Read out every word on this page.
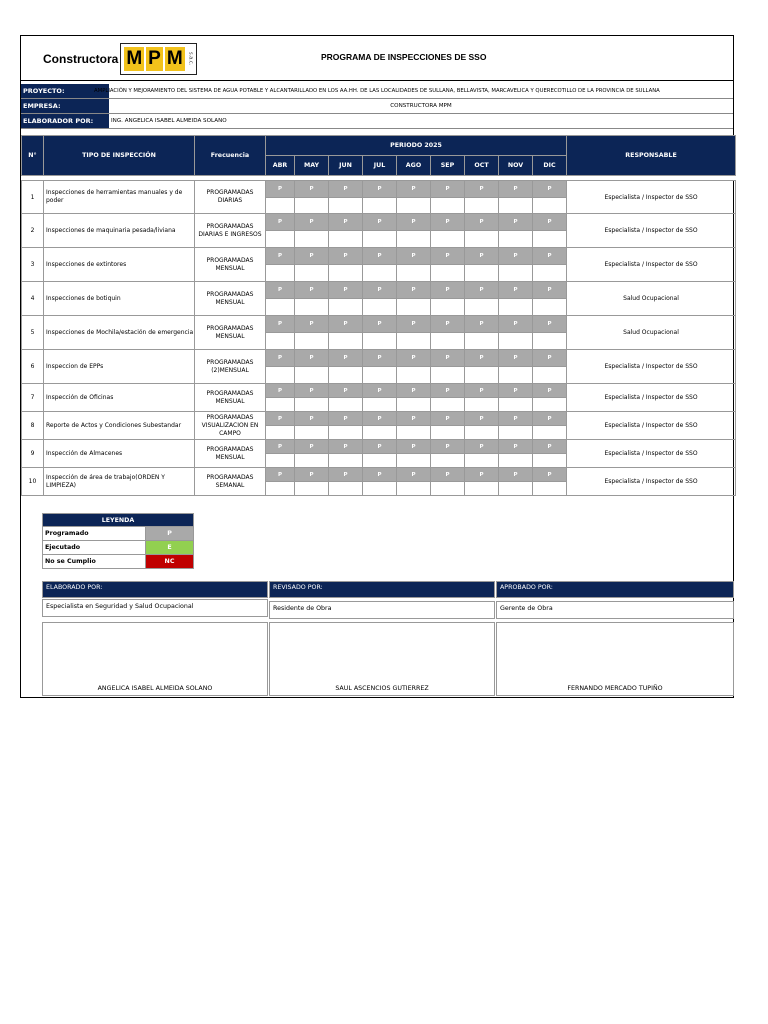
Constructora M P M	s.a.c.	PROGRAMA DE INSPECCIONES DE SSO
PROYECTO:	AMPLIACIÓN Y MEJORAMIENTO DEL SISTEMA DE AGUA POTABLE Y ALCANTARILLADO EN LOS AA.HH. DE LAS LOCALIDADES DE SULLANA, BELLAVISTA, MARCAVELICA Y QUERECOTILLO DE LA PROVINCIA DE SULLANA
EMPRESA:	CONSTRUCTORA MPM
ELABORADOR POR:	ING. ANGELICA ISABEL ALMEIDA SOLANO
N°	TIPO DE INSPECCIÓN	Frecuencia	PERIODO 2025									RESPONSABLE
			ABR	MAY	JUN	JUL	AGO	SEP	OCT	NOV	DIC	

1	Inspecciones de herramientas manuales y de poder	PROGRAMADAS DIARIAS	P	P	P	P	P	P	P	P	P	Especialista / Inspector de SSO

2	Inspecciones de maquinaria pesada/liviana	PROGRAMADAS DIARIAS E INGRESOS	P	P	P	P	P	P	P	P	P	Especialista / Inspector de SSO

3	Inspecciones de extintores	PROGRAMADAS MENSUAL	P	P	P	P	P	P	P	P	P	Especialista / Inspector de SSO

4	Inspecciones de botiquin	PROGRAMADAS MENSUAL	P	P	P	P	P	P	P	P	P	Salud Ocupacional

5	Inspecciones de Mochila/estación de emergencia	PROGRAMADAS MENSUAL	P	P	P	P	P	P	P	P	P	Salud Ocupacional

6	Inspeccion de EPPs	PROGRAMADAS (2)MENSUAL	P	P	P	P	P	P	P	P	P	Especialista / Inspector de SSO

7	Inspección de Oficinas	PROGRAMADAS MENSUAL	P	P	P	P	P	P	P	P	P	Especialista / Inspector de SSO

8	Reporte de Actos y Condiciones Subestandar	PROGRAMADAS VISUALIZACION EN CAMPO	P	P	P	P	P	P	P	P	P	Especialista / Inspector de SSO

9	Inspección de Almacenes	PROGRAMADAS MENSUAL	P	P	P	P	P	P	P	P	P	Especialista / Inspector de SSO

10	Inspección de área de trabajo(ORDEN Y LIMPIEZA)	PROGRAMADAS SEMANAL	P	P	P	P	P	P	P	P	P	Especialista / Inspector de SSO

LEYENDA	
Programado	P
Ejecutado	E
No se Cumplio	NC
ELABORADO POR:	REVISADO POR:	APROBADO POR:
Especialista en Seguridad y Salud Ocupacional	Residente de Obra	Gerente de Obra
ANGELICA ISABEL ALMEIDA SOLANO	SAUL ASCENCIOS GUTIERREZ	FERNANDO MERCADO TUPIÑO
